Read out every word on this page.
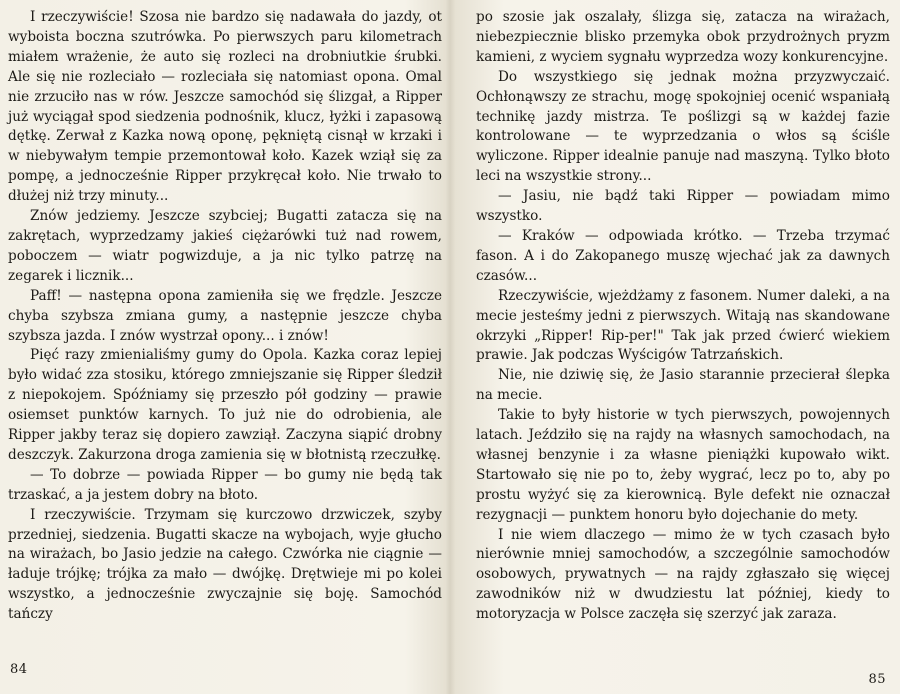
I rzeczywiście! Szosa nie bardzo się nadawała do jazdy, ot wyboista boczna szutrówka. Po pierwszych paru kilometrach miałem wrażenie, że auto się rozleci na drobniutkie śrubki. Ale się nie rozleciało — rozleciała się natomiast opona. Omal nie zrzuciło nas w rów. Jeszcze samochód się ślizgał, a Ripper już wyciągał spod siedzenia podnośnik, klucz, łyżki i zapasową dętkę. Zerwał z Kazka nową oponę, pękniętą cisnął w krzaki i w niebywałym tempie przemontował koło. Kazek wziął się za pompę, a jednocześnie Ripper przykręcał koło. Nie trwało to dłużej niż trzy minuty...

Znów jedziemy. Jeszcze szybciej; Bugatti zatacza się na zakrętach, wyprzedzamy jakieś ciężarówki tuż nad rowem, poboczem — wiatr pogwizduje, a ja nic tylko patrzę na zegarek i licznik...

Paff! — następna opona zamieniła się we frędzle. Jeszcze chyba szybsza zmiana gumy, a następnie jeszcze chyba szybsza jazda. I znów wystrzał opony... i znów!

Pięć razy zmienialiśmy gumy do Opola. Kazka coraz lepiej było widać zza stosiku, którego zmniejszanie się Ripper śledził z niepokojem. Spóźniamy się przeszło pół godziny — prawie osiemset punktów karnych. To już nie do odrobienia, ale Ripper jakby teraz się dopiero zawziął. Zaczyna siąpić drobny deszczyk. Zakurzona droga zamienia się w błotnistą rzeczułkę.

— To dobrze — powiada Ripper — bo gumy nie będą tak trzaskać, a ja jestem dobry na błoto.

I rzeczywiście. Trzymam się kurczowo drzwiczek, szyby przedniej, siedzenia. Bugatti skacze na wybojach, wyje głucho na wirażach, bo Jasio jedzie na całego. Czwórka nie ciągnie — ładuje trójkę; trójka za mało — dwójkę. Drętwieje mi po kolei wszystko, a jednocześnie zwyczajnie się boję. Samochód tańczy

84

po szosie jak oszalały, ślizga się, zatacza na wirażach, niebezpiecznie blisko przemyka obok przydrożnych pryzm kamieni, z wyciem sygnału wyprzedza wozy konkurencyjne.

Do wszystkiego się jednak można przyzwyczaić. Ochłonąwszy ze strachu, mogę spokojniej ocenić wspaniałą technikę jazdy mistrza. Te poślizgi są w każdej fazie kontrolowane — te wyprzedzania o włos są ściśle wyliczone. Ripper idealnie panuje nad maszyną. Tylko błoto leci na wszystkie strony...

— Jasiu, nie bądź taki Ripper — powiadam mimo wszystko.

— Kraków — odpowiada krótko. — Trzeba trzymać fason. A i do Zakopanego muszę wjechać jak za dawnych czasów...

Rzeczywiście, wjeżdżamy z fasonem. Numer daleki, a na mecie jesteśmy jedni z pierwszych. Witają nas skandowane okrzyki „Ripper! Rip-per!" Tak jak przed ćwierć wiekiem prawie. Jak podczas Wyścigów Tatrzańskich.

Nie, nie dziwię się, że Jasio starannie przecierał ślepka na mecie.

Takie to były historie w tych pierwszych, powojennych latach. Jeździło się na rajdy na własnych samochodach, na własnej benzynie i za własne pieniążki kupowało wikt. Startowało się nie po to, żeby wygrać, lecz po to, aby po prostu wyżyć się za kierownicą. Byle defekt nie oznaczał rezygnacji — punktem honoru było dojechanie do mety.

I nie wiem dlaczego — mimo że w tych czasach było nierównie mniej samochodów, a szczególnie samochodów osobowych, prywatnych — na rajdy zgłaszało się więcej zawodników niż w dwudziestu lat później, kiedy to motoryzacja w Polsce zaczęła się szerzyć jak zaraza.

85
